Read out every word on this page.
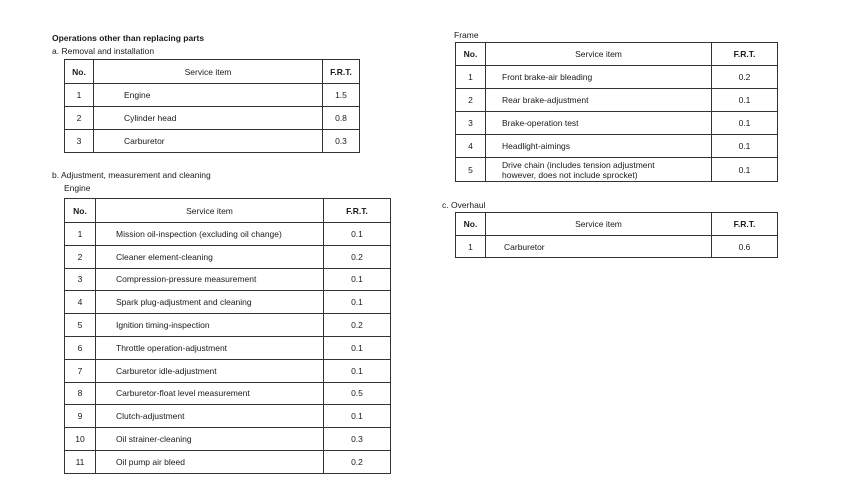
Operations other than replacing parts
a. Removal and installation
No.	Service item	F.R.T.
1	Engine	1.5
2	Cylinder head	0.8
3	Carburetor	0.3
b. Adjustment, measurement and cleaning
Engine
No.	Service item	F.R.T.
1	Mission oil-inspection (excluding oil change)	0.1
2	Cleaner element-cleaning	0.2
3	Compression-pressure measurement	0.1
4	Spark plug-adjustment and cleaning	0.1
5	Ignition timing-inspection	0.2
6	Throttle operation-adjustment	0.1
7	Carburetor idle-adjustment	0.1
8	Carburetor-float level measurement	0.5
9	Clutch-adjustment	0.1
10	Oil strainer-cleaning	0.3
11	Oil pump air bleed	0.2
Frame
No.	Service item	F.R.T.
1	Front brake-air bleading	0.2
2	Rear brake-adjustment	0.1
3	Brake-operation test	0.1
4	Headlight-aimings	0.1
5	Drive chain (includes tension adjustment
however, does not include sprocket)	0.1
c. Overhaul
No.	Service item	F.R.T.
1	Carburetor	0.6
